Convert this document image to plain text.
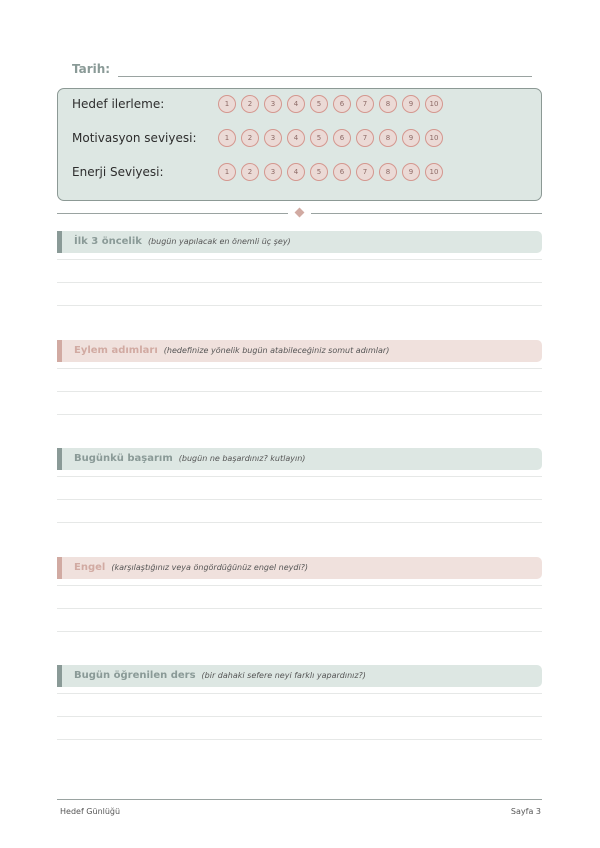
Tarih:
Hedef ilerleme:	1	2	3	4	5	6	7	8	9	10
Motivasyon seviyesi:	1	2	3	4	5	6	7	8	9	10
Enerji Seviyesi:	1	2	3	4	5	6	7	8	9	10
İlk 3 öncelik (bugün yapılacak en önemli üç şey)
Eylem adımları (hedefinize yönelik bugün atabileceğiniz somut adımlar)
Bugünkü başarım (bugün ne başardınız? kutlayın)
Engel (karşılaştığınız veya öngördüğünüz engel neydi?)
Bugün öğrenilen ders (bir dahaki sefere neyi farklı yapardınız?)
Hedef Günlüğü	Sayfa 3
